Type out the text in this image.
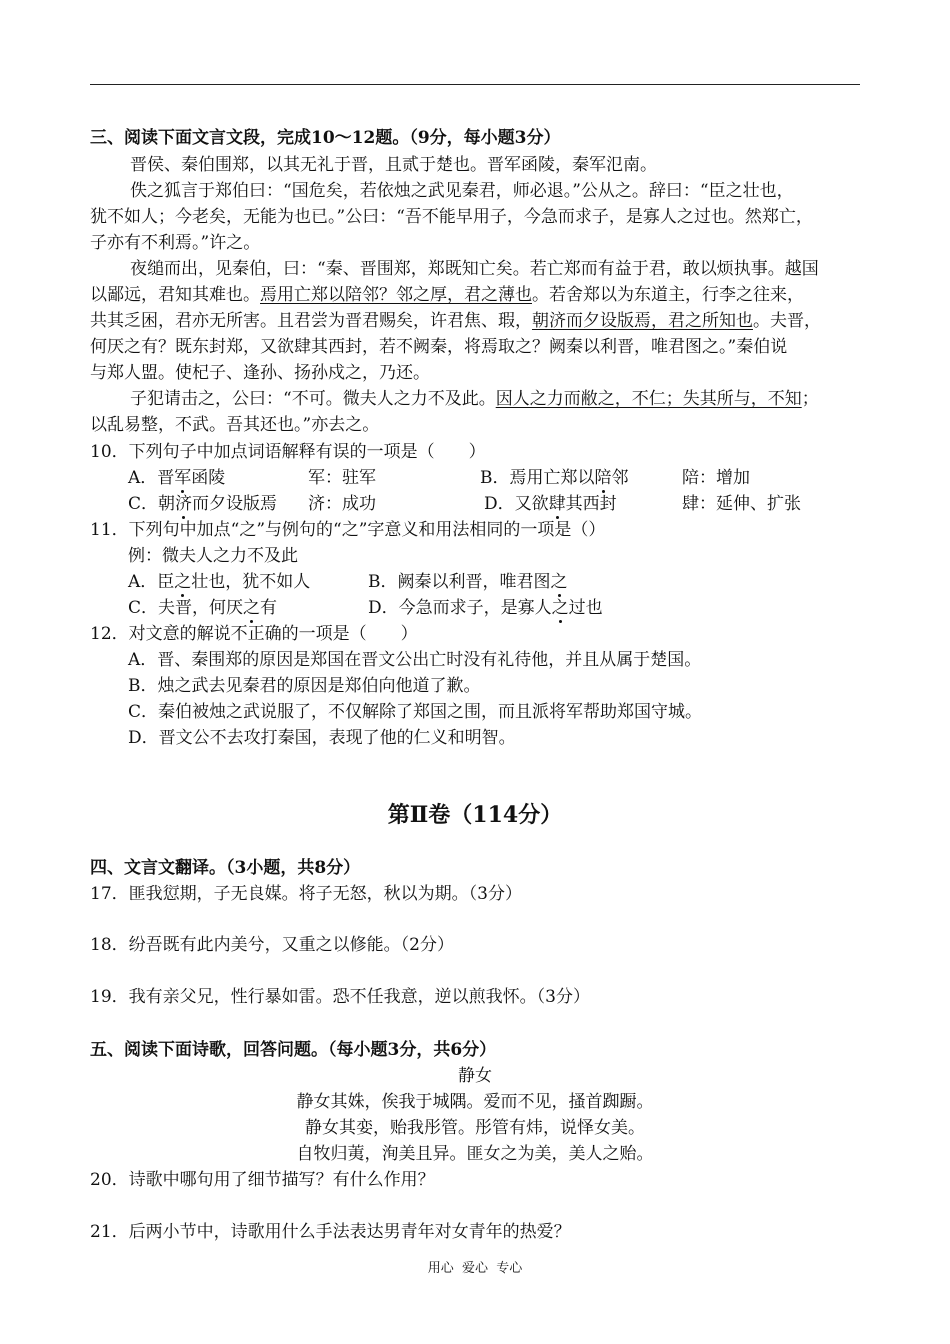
三、阅读下面文言文段，完成10～12题。（9分，每小题3分）
晋侯、秦伯围郑，以其无礼于晋，且贰于楚也。晋军函陵，秦军氾南。
佚之狐言于郑伯曰：“国危矣，若依烛之武见秦君，师必退。”公从之。辞曰：“臣之壮也，
犹不如人；今老矣，无能为也已。”公曰：“吾不能早用子，今急而求子，是寡人之过也。然郑亡，
子亦有不利焉。”许之。
夜缒而出，见秦伯，曰：“秦、晋围郑，郑既知亡矣。若亡郑而有益于君，敢以烦执事。越国
以鄙远，君知其难也。焉用亡郑以陪邻？邻之厚，君之薄也。若舍郑以为东道主，行李之往来，
共其乏困，君亦无所害。且君尝为晋君赐矣，许君焦、瑕，朝济而夕设版焉，君之所知也。夫晋，
何厌之有？既东封郑，又欲肆其西封，若不阙秦，将焉取之？阙秦以利晋，唯君图之。”秦伯说
与郑人盟。使杞子、逢孙、扬孙戍之，乃还。
子犯请击之，公曰：“不可。微夫人之力不及此。因人之力而敝之，不仁；失其所与，不知；
以乱易整，不武。吾其还也。”亦去之。
10．下列句子中加点词语解释有误的一项是（　　）
A．晋军函陵	军：驻军	B．焉用亡郑以陪邻	陪：增加
C．朝济而夕设版焉 济：成功	D．又欲肆其西封	肆：延伸、扩张
11．下列句中加点“之”与例句的“之”字意义和用法相同的一项是（）
例：微夫人之力不及此
A．臣之壮也，犹不如人	B．阙秦以利晋，唯君图之
C．夫晋，何厌之有	D．今急而求子，是寡人之过也
12．对文意的解说不正确的一项是（　　）
A．晋、秦围郑的原因是郑国在晋文公出亡时没有礼待他，并且从属于楚国。
B．烛之武去见秦君的原因是郑伯向他道了歉。
C．秦伯被烛之武说服了，不仅解除了郑国之围，而且派将军帮助郑国守城。
D．晋文公不去攻打秦国，表现了他的仁义和明智。
第Ⅱ卷（114分）
四、文言文翻译。（3小题，共8分）
17．匪我愆期，子无良媒。将子无怒，秋以为期。（3分）
18．纷吾既有此内美兮，又重之以修能。（2分）
19．我有亲父兄，性行暴如雷。恐不任我意，逆以煎我怀。（3分）
五、阅读下面诗歌，回答问题。（每小题3分，共6分）
静女
静女其姝，俟我于城隅。爱而不见，搔首踟蹰。
静女其娈，贻我彤管。彤管有炜，说怿女美。
自牧归荑，洵美且异。匪女之为美，美人之贻。
20．诗歌中哪句用了细节描写？有什么作用？
21．后两小节中，诗歌用什么手法表达男青年对女青年的热爱？
用心  爱心  专心
